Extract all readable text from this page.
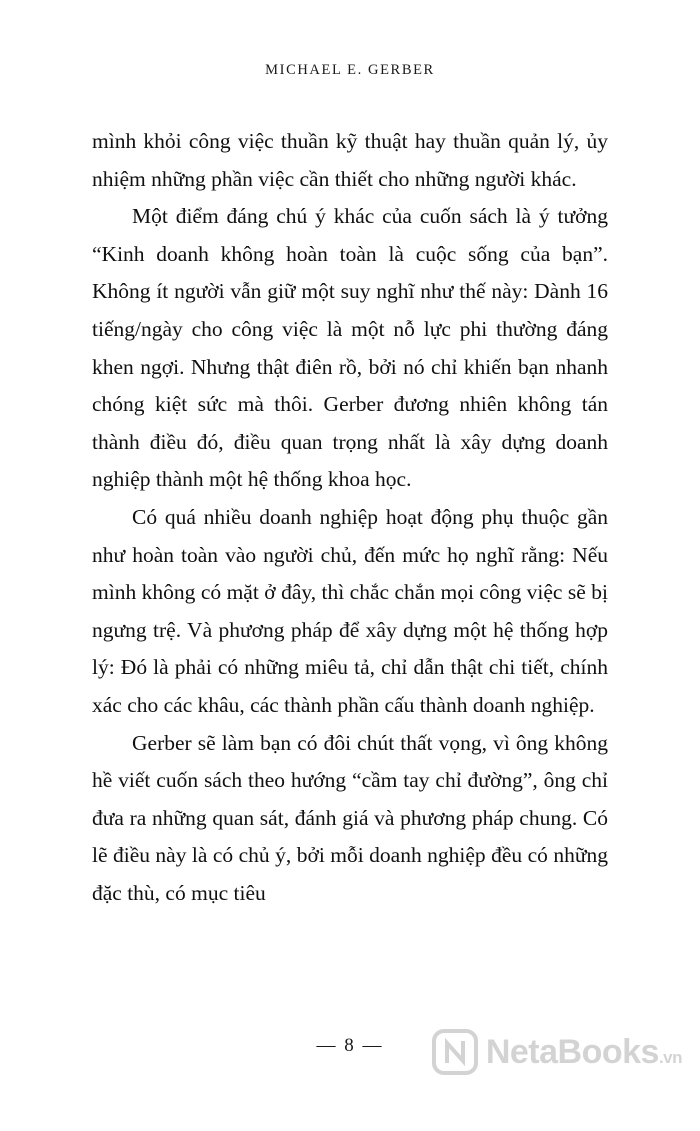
MICHAEL E. GERBER

mình khỏi công việc thuần kỹ thuật hay thuần quản lý, ủy nhiệm những phần việc cần thiết cho những người khác.

Một điểm đáng chú ý khác của cuốn sách là ý tưởng “Kinh doanh không hoàn toàn là cuộc sống của bạn”. Không ít người vẫn giữ một suy nghĩ như thế này: Dành 16 tiếng/ngày cho công việc là một nỗ lực phi thường đáng khen ngợi. Nhưng thật điên rồ, bởi nó chỉ khiến bạn nhanh chóng kiệt sức mà thôi. Gerber đương nhiên không tán thành điều đó, điều quan trọng nhất là xây dựng doanh nghiệp thành một hệ thống khoa học.

Có quá nhiều doanh nghiệp hoạt động phụ thuộc gần như hoàn toàn vào người chủ, đến mức họ nghĩ rằng: Nếu mình không có mặt ở đây, thì chắc chắn mọi công việc sẽ bị ngưng trệ. Và phương pháp để xây dựng một hệ thống hợp lý: Đó là phải có những miêu tả, chỉ dẫn thật chi tiết, chính xác cho các khâu, các thành phần cấu thành doanh nghiệp.

Gerber sẽ làm bạn có đôi chút thất vọng, vì ông không hề viết cuốn sách theo hướng “cầm tay chỉ đường”, ông chỉ đưa ra những quan sát, đánh giá và phương pháp chung. Có lẽ điều này là có chủ ý, bởi mỗi doanh nghiệp đều có những đặc thù, có mục tiêu

— 8 —	NetaBooks.vn
